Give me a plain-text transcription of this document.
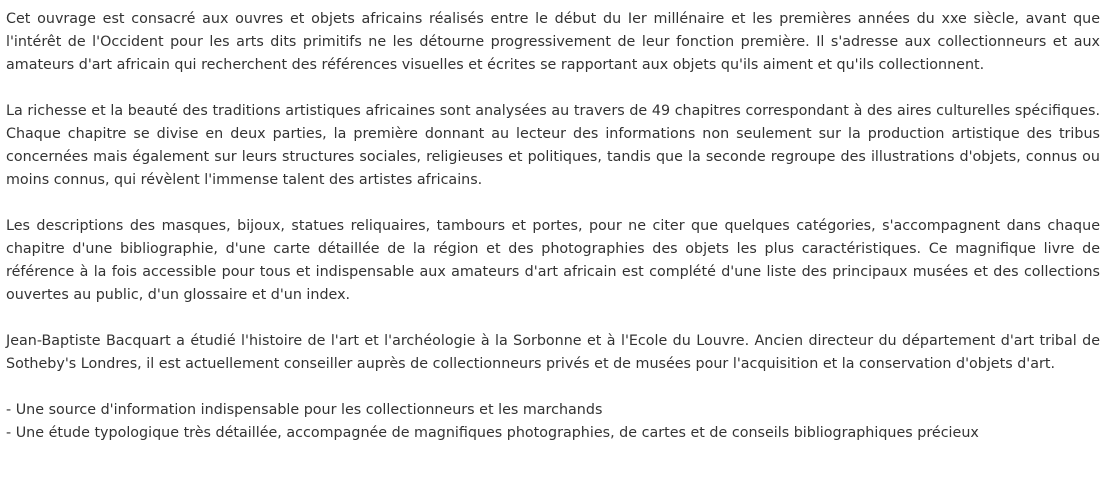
Cet ouvrage est consacré aux ouvres et objets africains réalisés entre le début du Ier millénaire et les premières années du xxe siècle, avant que l'intérêt de l'Occident pour les arts dits primitifs ne les détourne progressivement de leur fonction première. Il s'adresse aux collectionneurs et aux amateurs d'art africain qui recherchent des références visuelles et écrites se rapportant aux objets qu'ils aiment et qu'ils collectionnent.

La richesse et la beauté des traditions artistiques africaines sont analysées au travers de 49 chapitres correspondant à des aires culturelles spécifiques. Chaque chapitre se divise en deux parties, la première donnant au lecteur des informations non seulement sur la production artistique des tribus concernées mais également sur leurs structures sociales, religieuses et politiques, tandis que la seconde regroupe des illustrations d'objets, connus ou moins connus, qui révèlent l'immense talent des artistes africains.

Les descriptions des masques, bijoux, statues reliquaires, tambours et portes, pour ne citer que quelques catégories, s'accompagnent dans chaque chapitre d'une bibliographie, d'une carte détaillée de la région et des photographies des objets les plus caractéristiques. Ce magnifique livre de référence à la fois accessible pour tous et indispensable aux amateurs d'art africain est complété d'une liste des principaux musées et des collections ouvertes au public, d'un glossaire et d'un index.

Jean-Baptiste Bacquart a étudié l'histoire de l'art et l'archéologie à la Sorbonne et à l'Ecole du Louvre. Ancien directeur du département d'art tribal de Sotheby's Londres, il est actuellement conseiller auprès de collectionneurs privés et de musées pour l'acquisition et la conservation d'objets d'art.

- Une source d'information indispensable pour les collectionneurs et les marchands
- Une étude typologique très détaillée, accompagnée de magnifiques photographies, de cartes et de conseils bibliographiques précieux
